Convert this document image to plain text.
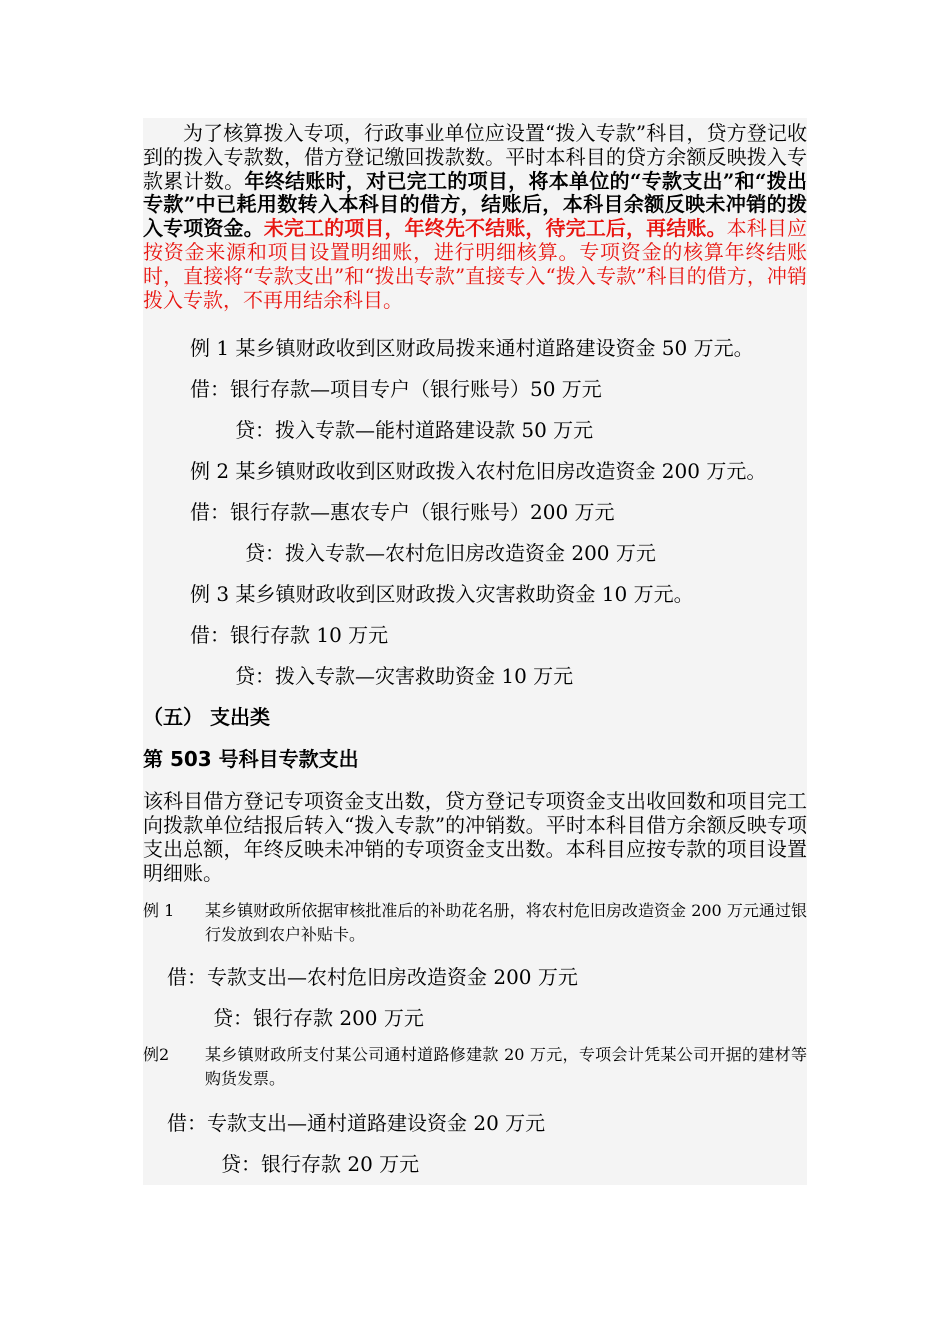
为了核算拨入专项，行政事业单位应设置“拨入专款”科目，贷方登记收到的拨入专款数，借方登记缴回拨款数。平时本科目的贷方余额反映拨入专款累计数。年终结账时，对已完工的项目，将本单位的“专款支出”和“拨出专款”中已耗用数转入本科目的借方，结账后，本科目余额反映未冲销的拨入专项资金。未完工的项目，年终先不结账，待完工后，再结账。本科目应按资金来源和项目设置明细账，进行明细核算。专项资金的核算年终结账时，直接将“专款支出”和“拨出专款”直接专入“拨入专款”科目的借方，冲销拨入专款，不再用结余科目。

例 1 某乡镇财政收到区财政局拨来通村道路建设资金 50 万元。

借：银行存款—项目专户（银行账号）50 万元

贷：拨入专款—能村道路建设款 50 万元

例 2 某乡镇财政收到区财政拨入农村危旧房改造资金 200 万元。

借：银行存款—惠农专户（银行账号）200 万元

贷：拨入专款—农村危旧房改造资金 200 万元

例 3 某乡镇财政收到区财政拨入灾害救助资金 10 万元。

借：银行存款 10 万元

贷：拨入专款—灾害救助资金 10 万元

（五） 支出类

第 503 号科目专款支出

该科目借方登记专项资金支出数，贷方登记专项资金支出收回数和项目完工向拨款单位结报后转入“拨入专款”的冲销数。平时本科目借方余额反映专项支出总额，年终反映未冲销的专项资金支出数。本科目应按专款的项目设置明细账。

例 1	某乡镇财政所依据审核批准后的补助花名册，将农村危旧房改造资金 200 万元通过银行发放到农户补贴卡。

借：专款支出—农村危旧房改造资金 200 万元

贷：银行存款 200 万元

例2	某乡镇财政所支付某公司通村道路修建款 20 万元，专项会计凭某公司开据的建材等购货发票。

借：专款支出—通村道路建设资金 20 万元

贷：银行存款 20 万元
